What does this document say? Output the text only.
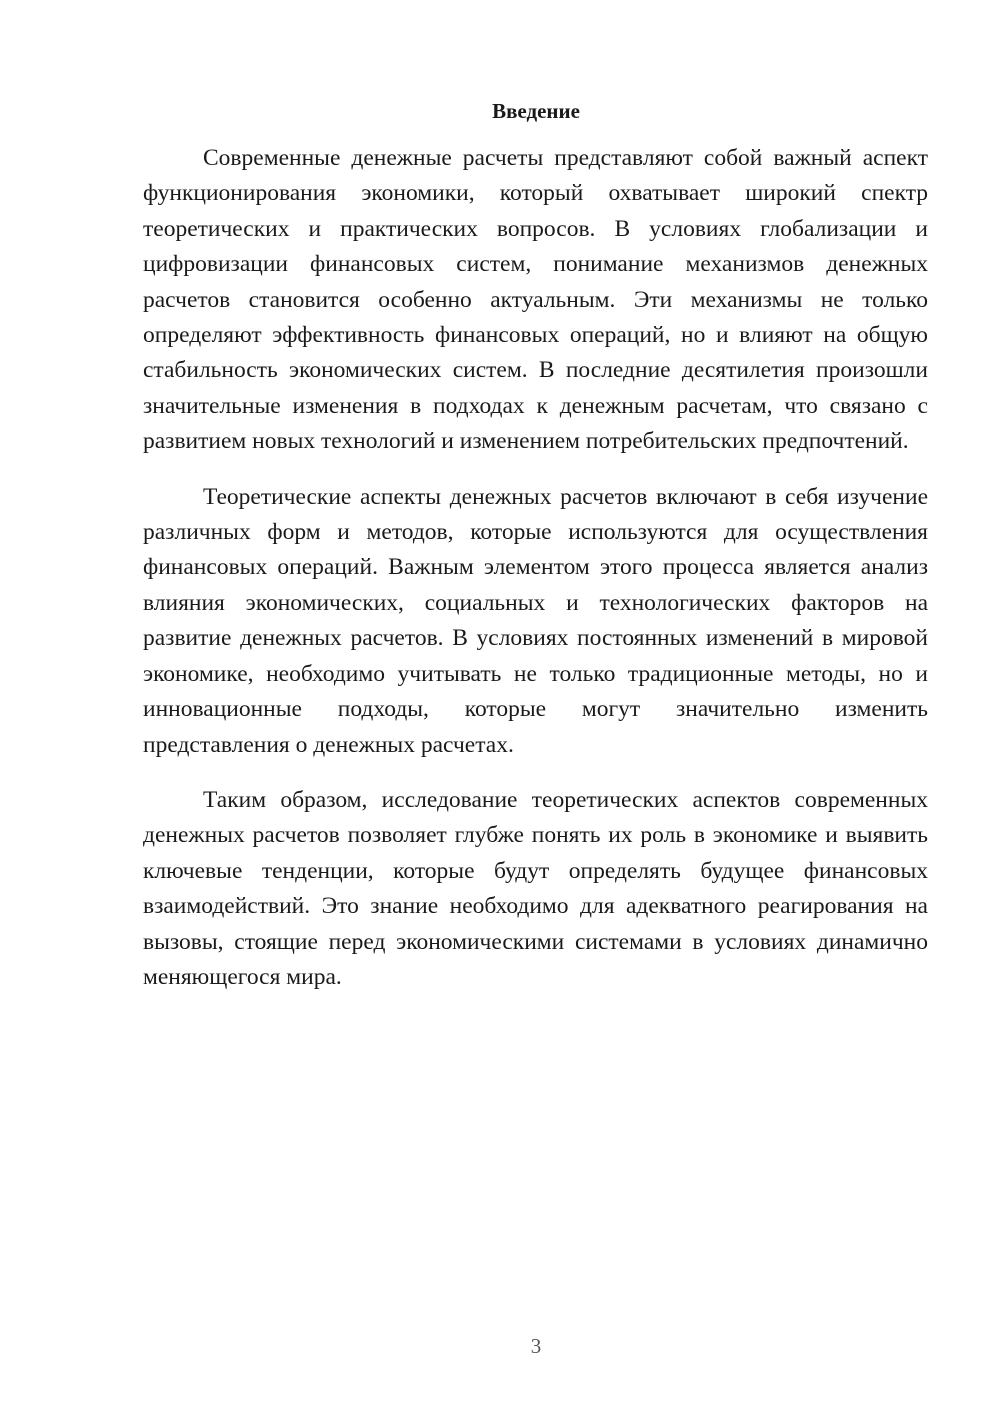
Введение

Современные денежные расчеты представляют собой важный аспект функционирования экономики, который охватывает широкий спектр теоретических и практических вопросов. В условиях глобализации и цифровизации финансовых систем, понимание механизмов денежных расчетов становится особенно актуальным. Эти механизмы не только определяют эффективность финансовых операций, но и влияют на общую стабильность экономических систем. В последние десятилетия произошли значительные изменения в подходах к денежным расчетам, что связано с развитием новых технологий и изменением потребительских предпочтений.

Теоретические аспекты денежных расчетов включают в себя изучение различных форм и методов, которые используются для осуществления финансовых операций. Важным элементом этого процесса является анализ влияния экономических, социальных и технологических факторов на развитие денежных расчетов. В условиях постоянных изменений в мировой экономике, необходимо учитывать не только традиционные методы, но и инновационные подходы, которые могут значительно изменить представления о денежных расчетах.

Таким образом, исследование теоретических аспектов современных денежных расчетов позволяет глубже понять их роль в экономике и выявить ключевые тенденции, которые будут определять будущее финансовых взаимодействий. Это знание необходимо для адекватного реагирования на вызовы, стоящие перед экономическими системами в условиях динамично меняющегося мира.

3
